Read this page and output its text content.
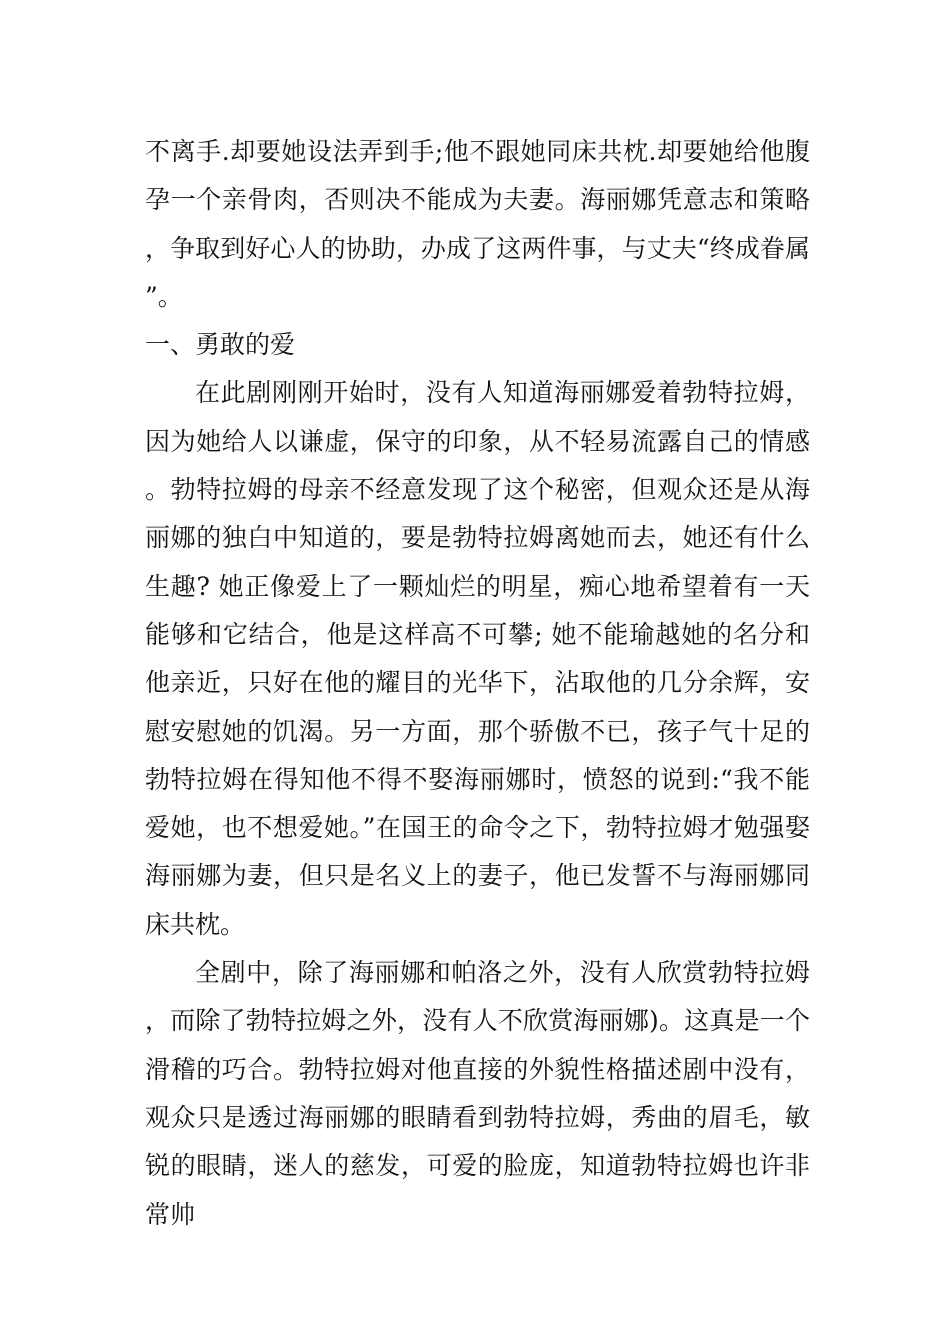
不离手.却要她设法弄到手;他不跟她同床共枕.却要她给他腹孕一个亲骨肉，否则决不能成为夫妻。海丽娜凭意志和策略，争取到好心人的协助，办成了这两件事，与丈夫“终成眷属”。

一、勇敢的爱

在此剧刚刚开始时，没有人知道海丽娜爱着勃特拉姆，因为她给人以谦虚，保守的印象，从不轻易流露自己的情感。勃特拉姆的母亲不经意发现了这个秘密，但观众还是从海丽娜的独白中知道的，要是勃特拉姆离她而去，她还有什么生趣? 她正像爱上了一颗灿烂的明星，痴心地希望着有一天能够和它结合，他是这样高不可攀; 她不能瑜越她的名分和他亲近，只好在他的耀目的光华下，沾取他的几分余辉，安慰安慰她的饥渴。另一方面，那个骄傲不已，孩子气十足的勃特拉姆在得知他不得不娶海丽娜时，愤怒的说到:“我不能爱她，也不想爱她。”在国王的命令之下，勃特拉姆才勉强娶海丽娜为妻，但只是名义上的妻子，他已发誓不与海丽娜同床共枕。

全剧中，除了海丽娜和帕洛之外，没有人欣赏勃特拉姆，而除了勃特拉姆之外，没有人不欣赏海丽娜)。这真是一个滑稽的巧合。勃特拉姆对他直接的外貌性格描述剧中没有，观众只是透过海丽娜的眼睛看到勃特拉姆，秀曲的眉毛，敏锐的眼睛，迷人的慈发，可爱的脸庞，知道勃特拉姆也许非常帅
